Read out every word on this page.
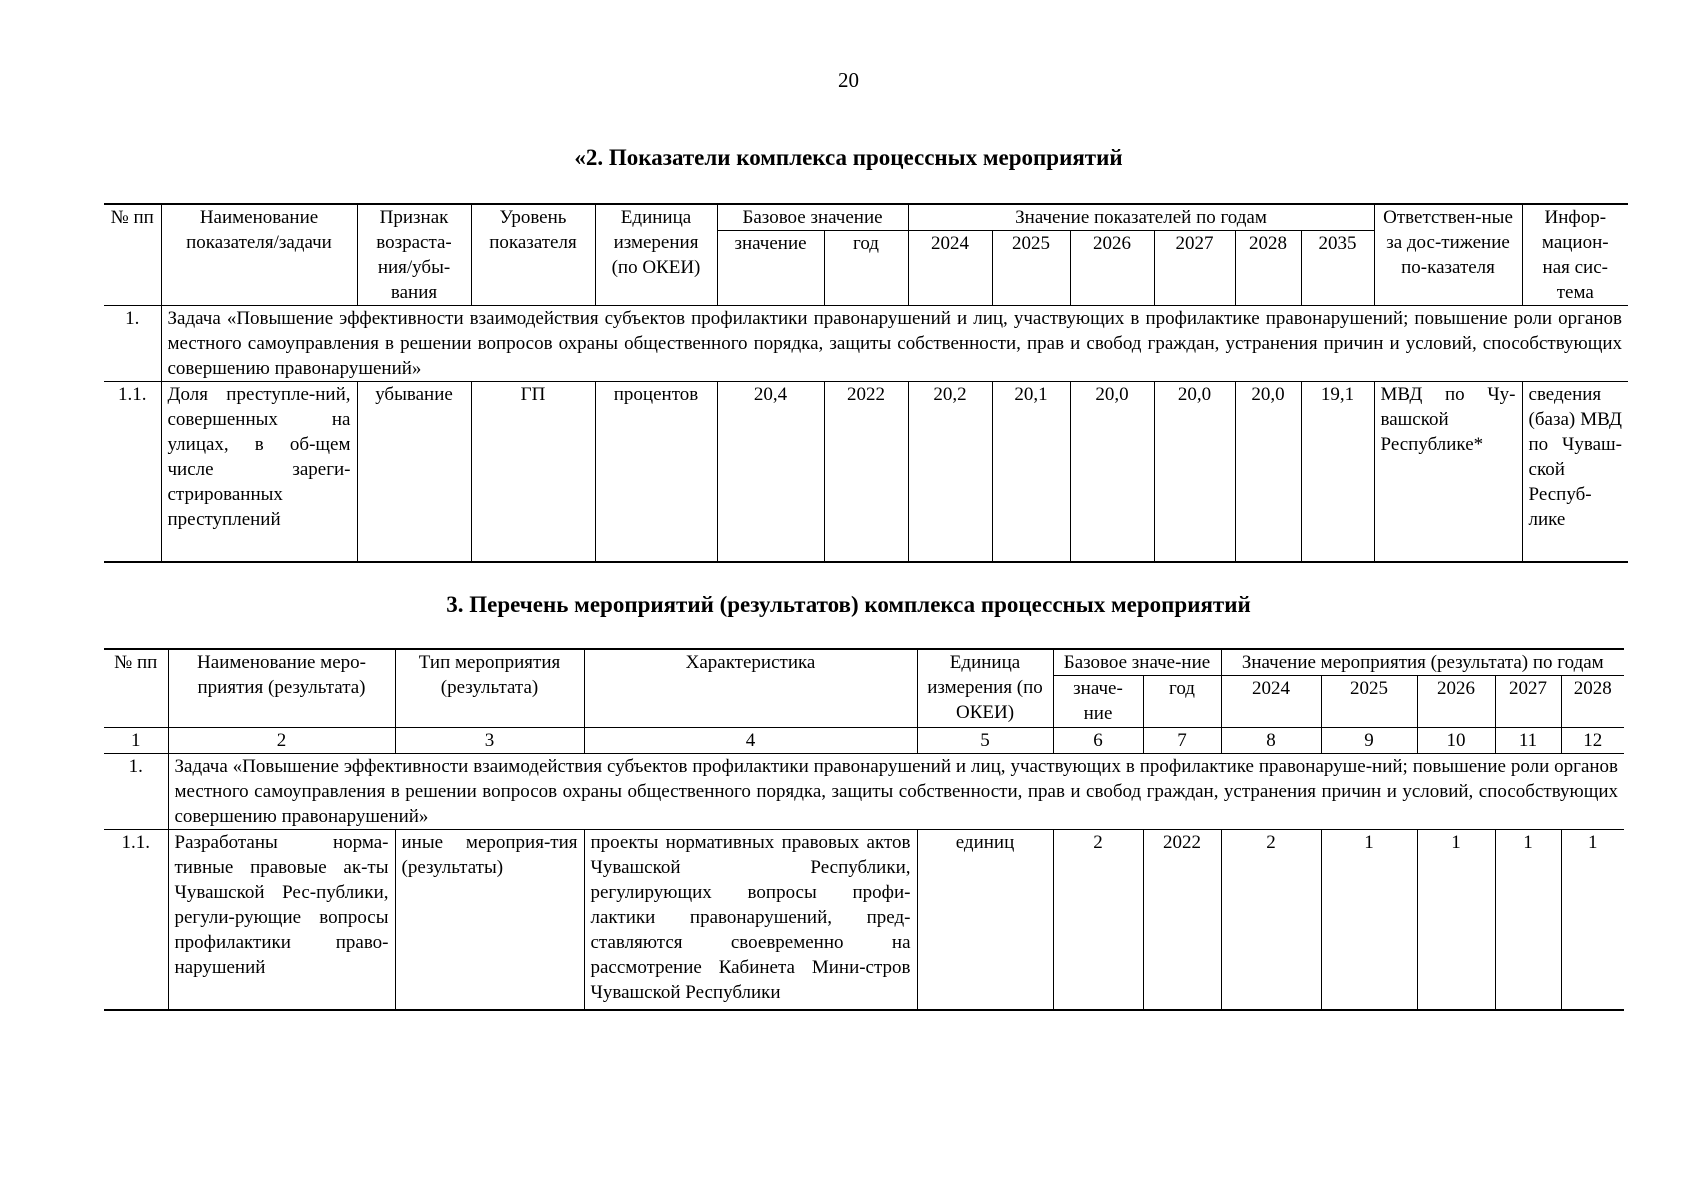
20
«2. Показатели комплекса процессных мероприятий
№ пп	Наименование показателя/задачи	Признак возраста-ния/убы-вания	Уровень показателя	Единица измерения (по ОКЕИ)	Базовое значение		Значение показателей по годам						Ответствен-ные за дос-тижение по-казателя	Инфор-мацион-ная сис-тема
					значение	год	2024	2025	2026	2027	2028	2035		
1.	Задача «Повышение эффективности взаимодействия субъектов профилактики правонарушений и лиц, участвующих в профилактике правонарушений; повышение роли органов местного самоуправления в решении вопросов охраны общественного порядка, защиты собственности, прав и свобод граждан, устранения причин и условий, способствующих совершению правонарушений»													
1.1.	Доля преступле-ний, совершенных на улицах, в об-щем числе зареги-стрированных преступлений	убывание	ГП	процентов	20,4	2022	20,2	20,1	20,0	20,0	20,0	19,1	МВД по Чу-вашской Республике*	сведения (база) МВД по Чуваш-ской Респуб-лике
3. Перечень мероприятий (результатов) комплекса процессных мероприятий
№ пп	Наименование меро-приятия (результата)	Тип мероприятия (результата)	Характеристика	Единица измерения (по ОКЕИ)	Базовое значе-ние		Значение мероприятия (результата) по годам				
					значе-ние	год	2024	2025	2026	2027	2028
1	2	3	4	5	6	7	8	9	10	11	12
1.	Задача «Повышение эффективности взаимодействия субъектов профилактики правонарушений и лиц, участвующих в профилактике правонаруше-ний; повышение роли органов местного самоуправления в решении вопросов охраны общественного порядка, защиты собственности, прав и свобод граждан, устранения причин и условий, способствующих совершению правонарушений»										
1.1.	Разработаны норма-тивные правовые ак-ты Чувашской Рес-публики, регули-рующие вопросы профилактики право-нарушений	иные мероприя-тия (результаты)	проекты нормативных правовых актов Чувашской Республики, регулирующих вопросы профи-лактики правонарушений, пред-ставляются своевременно на рассмотрение Кабинета Мини-стров Чувашской Республики	единиц	2	2022	2	1	1	1	1
